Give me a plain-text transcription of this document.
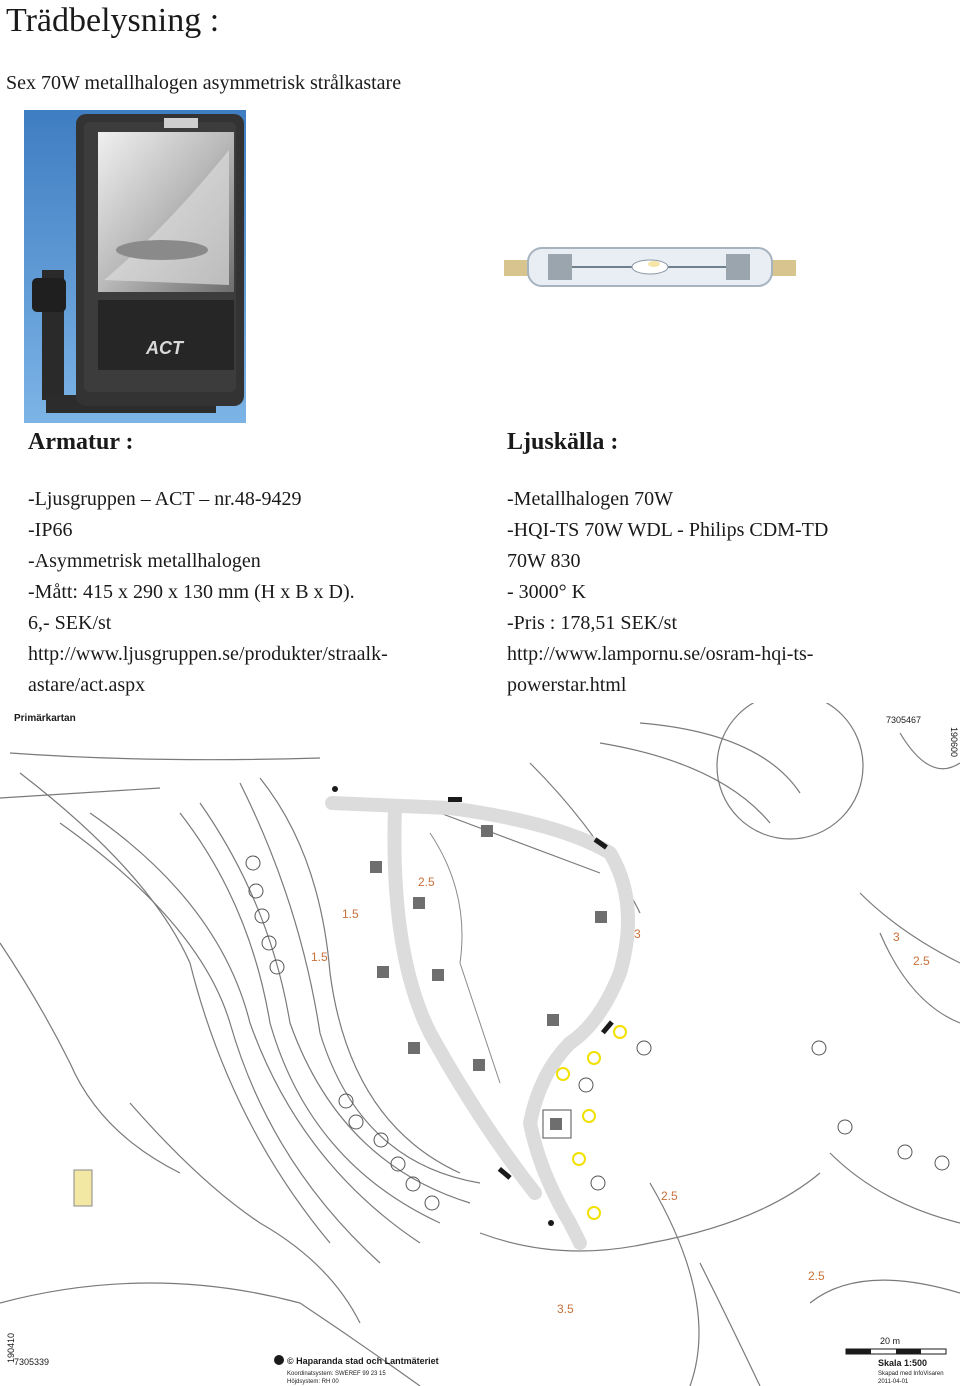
Trädbelysning :
Sex 70W metallhalogen asymmetrisk strålkastare
ACT
Armatur :
-Ljusgruppen – ACT – nr.48-9429
-IP66
-Asymmetrisk metallhalogen
-Mått: 415 x 290 x 130 mm (H x B x D).
6,- SEK/st
http://www.ljusgruppen.se/produkter/straalk-
astare/act.aspx
Ljuskälla :
-Metallhalogen 70W
-HQI-TS 70W WDL - Philips CDM-TD
70W 830
- 3000° K
-Pris : 178,51 SEK/st
http://www.lampornu.se/osram-hqi-ts-
powerstar.html
1.5
1.5
2.5
3	3
2.5
2.5
2.5
3.5
Primärkartan	7305467
190600
190410
7305339	© Haparanda stad och Lantmäteriet
Koordinatsystem: SWEREF 99 23 15
Höjdsystem: RH 00
20 m
Skala 1:500
Skapad med InfoVisaren
2011-04-01
